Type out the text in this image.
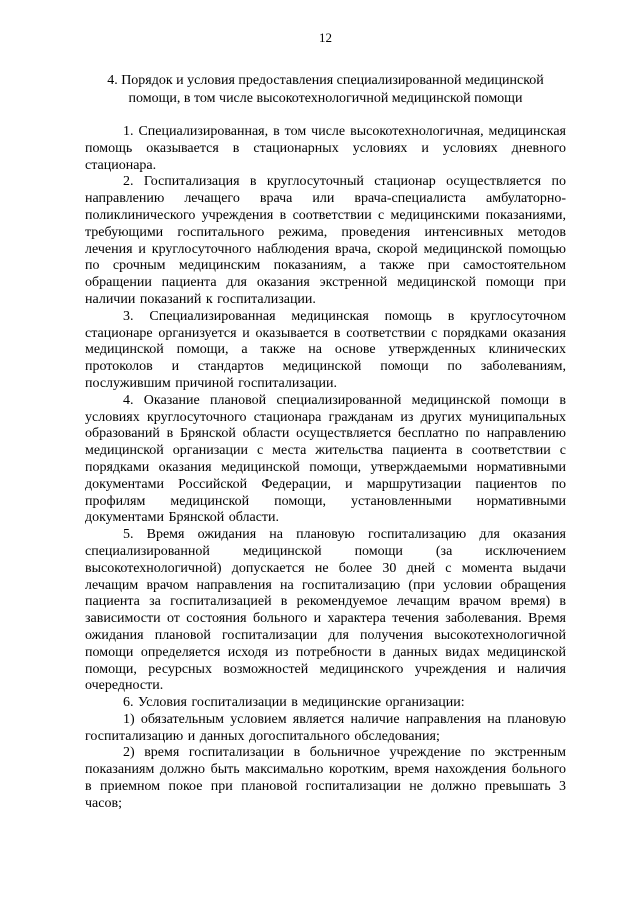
12
4. Порядок и условия предоставления специализированной медицинской помощи, в том числе высокотехнологичной медицинской помощи

1. Специализированная, в том числе высокотехнологичная, медицинская помощь оказывается в стационарных условиях и условиях дневного стационара.

2. Госпитализация в круглосуточный стационар осуществляется по направлению лечащего врача или врача-специалиста амбулаторно-поликлинического учреждения в соответствии с медицинскими показаниями, требующими госпитального режима, проведения интенсивных методов лечения и круглосуточного наблюдения врача, скорой медицинской помощью по срочным медицинским показаниям, а также при самостоятельном обращении пациента для оказания экстренной медицинской помощи при наличии показаний к госпитализации.

3. Специализированная медицинская помощь в круглосуточном стационаре организуется и оказывается в соответствии с порядками оказания медицинской помощи, а также на основе утвержденных клинических протоколов и стандартов медицинской помощи по заболеваниям, послужившим причиной госпитализации.

4. Оказание плановой специализированной медицинской помощи в условиях круглосуточного стационара гражданам из других муниципальных образований в Брянской области осуществляется бесплатно по направлению медицинской организации с места жительства пациента в соответствии с порядками оказания медицинской помощи, утверждаемыми нормативными документами Российской Федерации, и маршрутизации пациентов по профилям медицинской помощи, установленными нормативными документами Брянской области.

5. Время ожидания на плановую госпитализацию для оказания специализированной медицинской помощи (за исключением высокотехнологичной) допускается не более 30 дней с момента выдачи лечащим врачом направления на госпитализацию (при условии обращения пациента за госпитализацией в рекомендуемое лечащим врачом время) в зависимости от состояния больного и характера течения заболевания. Время ожидания плановой госпитализации для получения высокотехнологичной помощи определяется исходя из потребности в данных видах медицинской помощи, ресурсных возможностей медицинского учреждения и наличия очередности.

6. Условия госпитализации в медицинские организации:

1) обязательным условием является наличие направления на плановую госпитализацию и данных догоспитального обследования;

2) время госпитализации в больничное учреждение по экстренным показаниям должно быть максимально коротким, время нахождения больного в приемном покое при плановой госпитализации не должно превышать 3 часов;
